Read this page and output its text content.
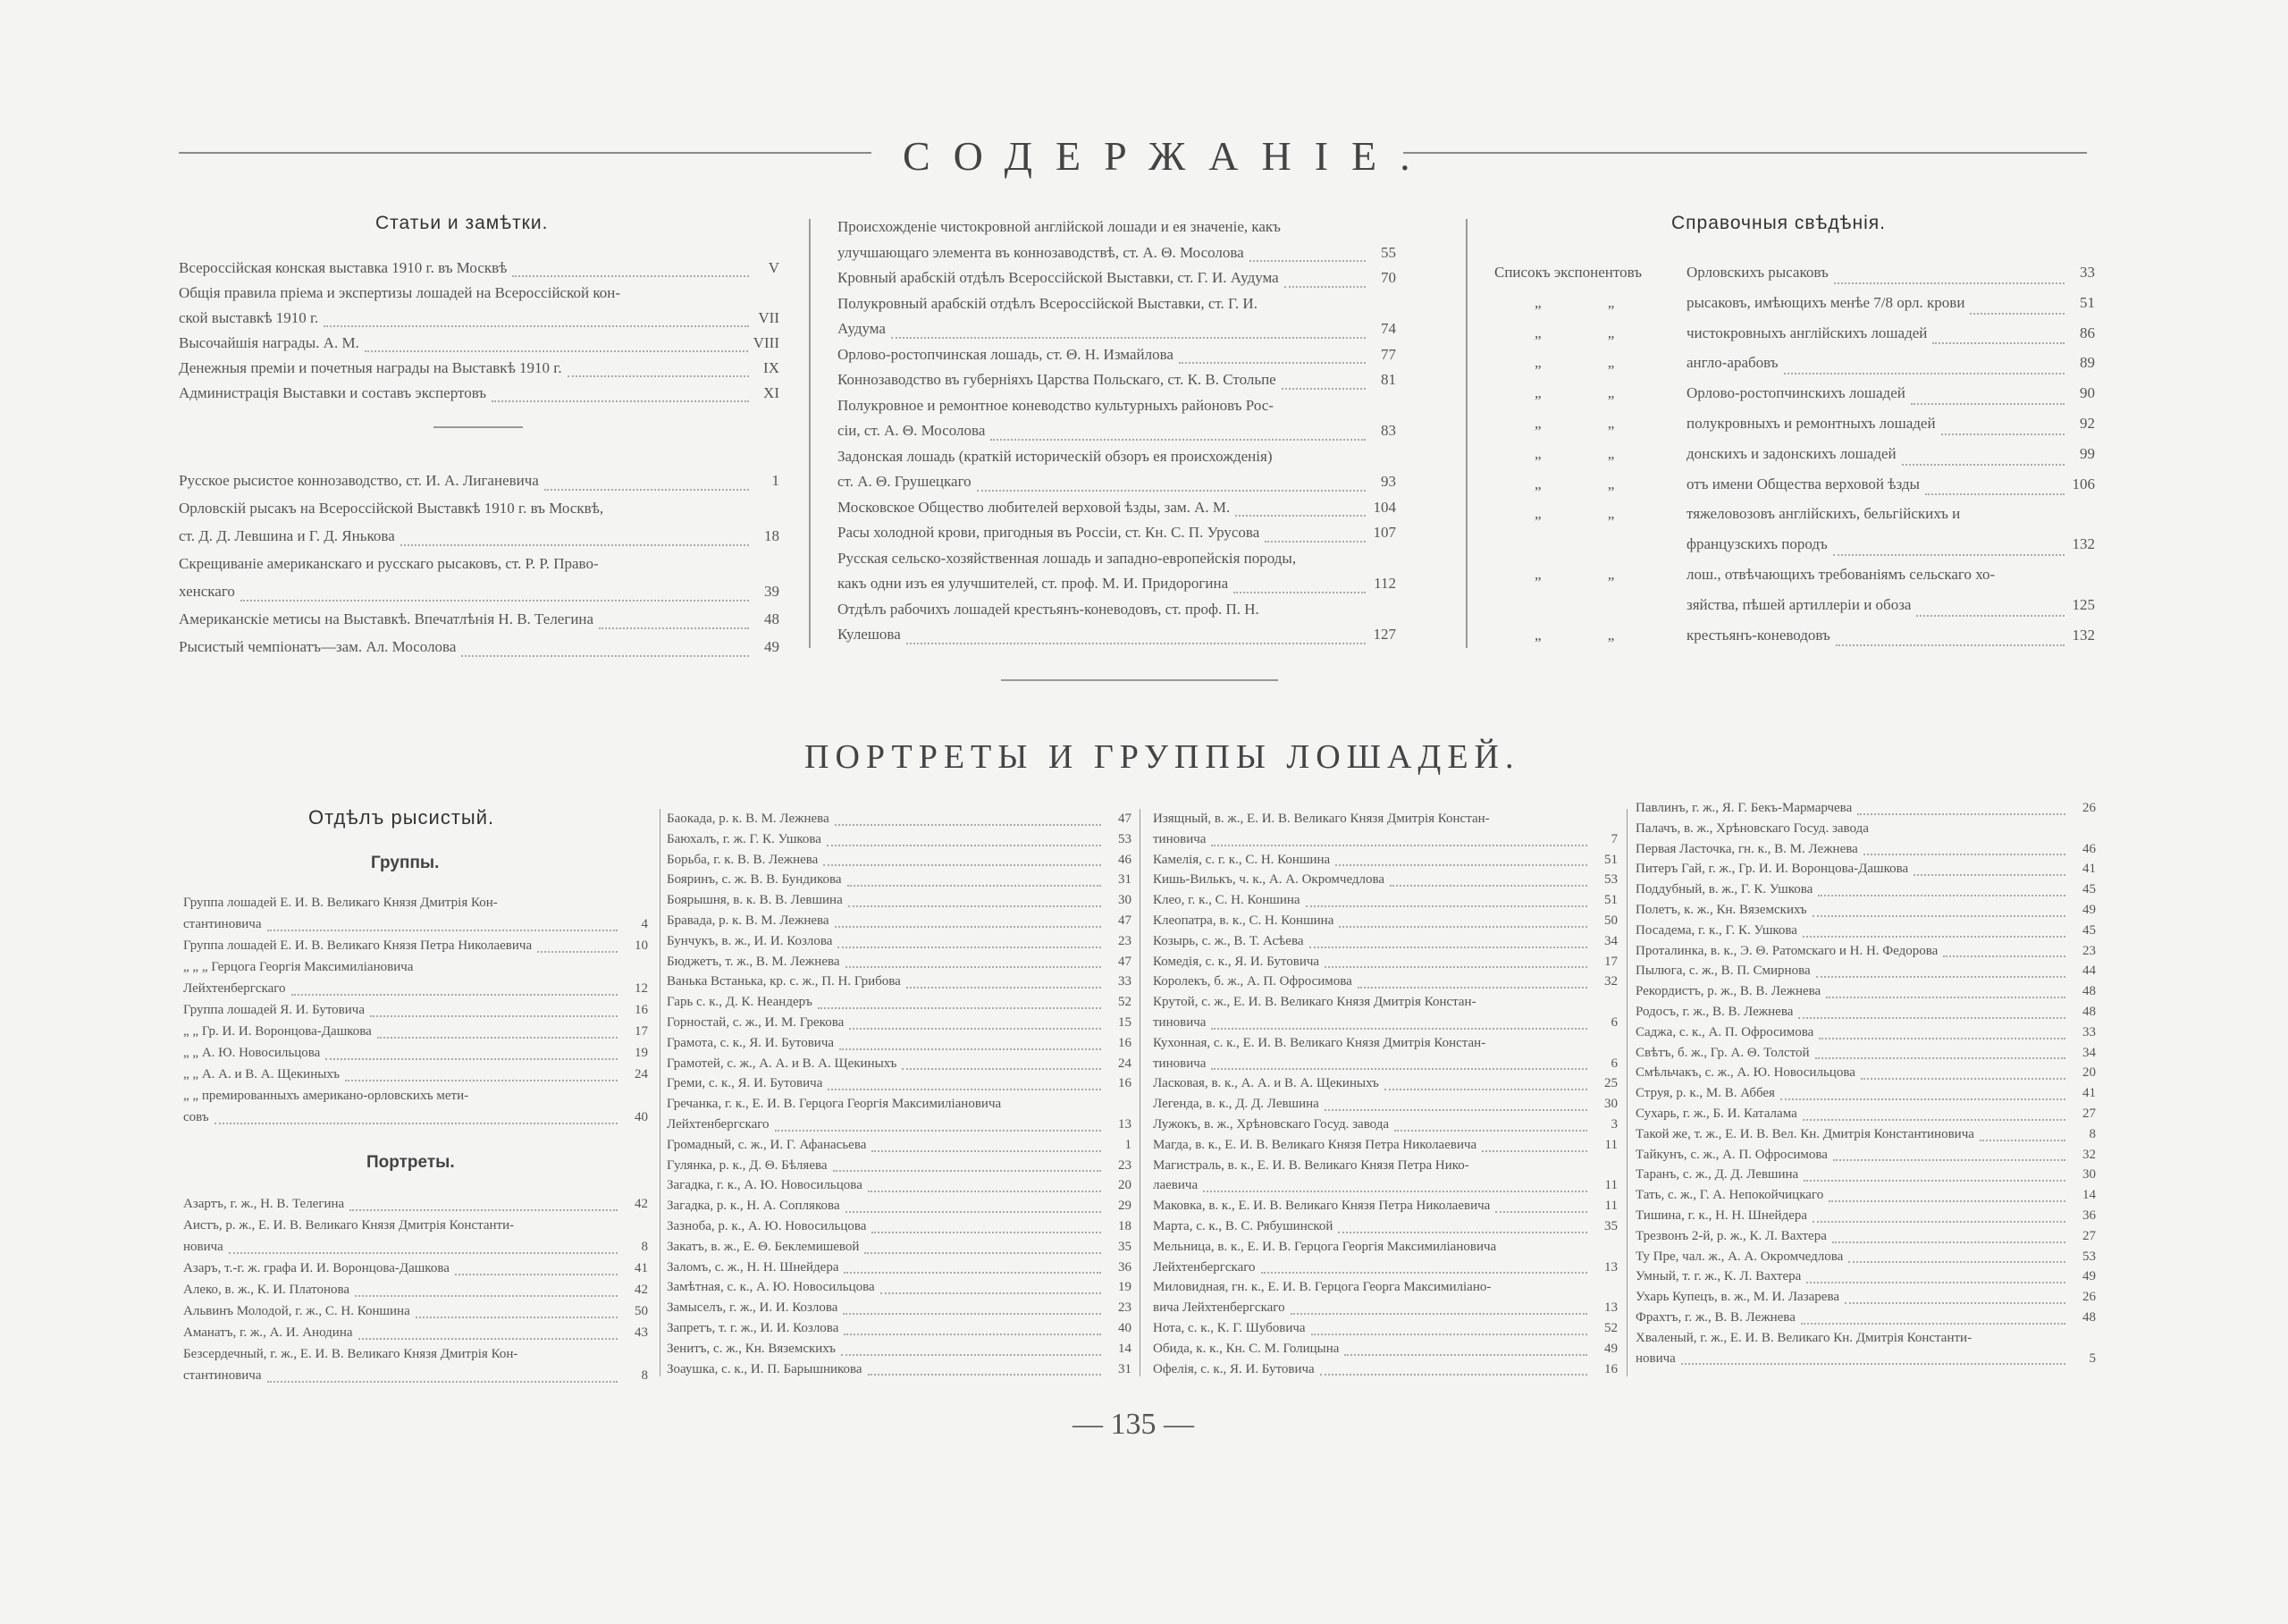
СОДЕРЖАНІЕ.
Статьи и замѣтки.
Всероссійская конская выставка 1910 г. въ Москвѣ	V
Общія правила пріема и экспертизы лошадей на Всероссійской кон-
ской выставкѣ 1910 г.	VII
Высочайшія награды. А. М.	VIII
Денежныя преміи и почетныя награды на Выставкѣ 1910 г.	IX
Администрація Выставки и составъ экспертовъ	XI
Русское рысистое коннозаводство, ст. И. А. Лиганевича	1
Орловскій рысакъ на Всероссійской Выставкѣ 1910 г. въ Москвѣ,
ст. Д. Д. Левшина и Г. Д. Янькова	18
Скрещиваніе американскаго и русскаго рысаковъ, ст. Р. Р. Право-
хенскаго	39
Американскіе метисы на Выставкѣ. Впечатлѣнія Н. В. Телегина	48
Рысистый чемпіонатъ—зам. Ал. Мосолова	49
Происхожденіе чистокровной англійской лошади и ея значеніе, какъ
улучшающаго элемента въ коннозаводствѣ, ст. А. Θ. Мосолова	55
Кровный арабскій отдѣлъ Всероссійской Выставки, ст. Г. И. Аудума	70
Полукровный арабскій отдѣлъ Всероссійской Выставки, ст. Г. И.
Аудума	74
Орлово-ростопчинская лошадь, ст. Θ. Н. Измайлова	77
Коннозаводство въ губерніяхъ Царства Польскаго, ст. К. В. Стольпе	81
Полукровное и ремонтное коневодство культурныхъ районовъ Рос-
сіи, ст. А. Θ. Мосолова	83
Задонская лошадь (краткій историческій обзоръ ея происхожденія)
ст. А. Θ. Грушецкаго	93
Московское Общество любителей верховой ѣзды, зам. А. М.	104
Расы холодной крови, пригодныя въ Россіи, ст. Кн. С. П. Урусова	107
Русская сельско-хозяйственная лошадь и западно-европейскія породы,
какъ одни изъ ея улучшителей, ст. проф. М. И. Придорогина	112
Отдѣлъ рабочихъ лошадей крестьянъ-коневодовъ, ст. проф. П. Н.
Кулешова	127
Справочныя свѣдѣнія.
Списокъ экспонентовъ	Орловскихъ рысаковъ	33
„ „	рысаковъ, имѣющихъ менѣе 7/8 орл. крови	51
„ „	чистокровныхъ англійскихъ лошадей	86
„ „	англо-арабовъ	89
„ „	Орлово-ростопчинскихъ лошадей	90
„ „	полукровныхъ и ремонтныхъ лошадей	92
„ „	донскихъ и задонскихъ лошадей	99
„ „	отъ имени Общества верховой ѣзды	106
„ „	тяжеловозовъ англійскихъ, бельгійскихъ и
французскихъ породъ	132
„ „	лош., отвѣчающихъ требованіямъ сельскаго хо-
зяйства, пѣшей артиллеріи и обоза	125
„ „	крестьянъ-коневодовъ	132
ПОРТРЕТЫ И ГРУППЫ ЛОШАДЕЙ.
Отдѣлъ рысистый.
Группы.
Группа лошадей Е. И. В. Великаго Князя Дмитрія Кон-
стантиновича	4
Группа лошадей Е. И. В. Великаго Князя Петра Николаевича	10
„ „ „ Герцога Георгія Максимиліановича
Лейхтенбергскаго	12
Группа лошадей Я. И. Бутовича	16
„ „ Гр. И. И. Воронцова-Дашкова	17
„ „ А. Ю. Новосильцова	19
„ „ А. А. и В. А. Щекиныхъ	24
„ „ премированныхъ американо-орловскихъ мети-
совъ	40
Портреты.
Азартъ, г. ж., Н. В. Телегина	42
Аистъ, р. ж., Е. И. В. Великаго Князя Дмитрія Константи-
новича	8
Азаръ, т.-г. ж. графа И. И. Воронцова-Дашкова	41
Алеко, в. ж., К. И. Платонова	42
Альвинъ Молодой, г. ж., С. Н. Коншина	50
Аманатъ, г. ж., А. И. Анодина	43
Безсердечный, г. ж., Е. И. В. Великаго Князя Дмитрія Кон-
стантиновича	8
Баокада, р. к. В. М. Лежнева	47
Баюхалъ, г. ж. Г. К. Ушкова	53
Борьба, г. к. В. В. Лежнева	46
Бояринъ, с. ж. В. В. Бундикова	31
Боярышня, в. к. В. В. Левшина	30
Бравада, р. к. В. М. Лежнева	47
Бунчукъ, в. ж., И. И. Козлова	23
Бюджетъ, т. ж., В. М. Лежнева	47
Ванька Встанька, кр. с. ж., П. Н. Грибова	33
Гарь с. к., Д. К. Неандеръ	52
Горностай, с. ж., И. М. Грекова	15
Грамота, с. к., Я. И. Бутовича	16
Грамотей, с. ж., А. А. и В. А. Щекиныхъ	24
Греми, с. к., Я. И. Бутовича	16
Гречанка, г. к., Е. И. В. Герцога Георгія Максимиліановича
Лейхтенбергскаго	13
Громадный, с. ж., И. Г. Афанасьева	1
Гулянка, р. к., Д. Θ. Бѣляева	23
Загадка, г. к., А. Ю. Новосильцова	20
Загадка, р. к., Н. А. Сопляковa	29
Зазноба, р. к., А. Ю. Новосильцова	18
Закатъ, в. ж., Е. Θ. Беклемишевой	35
Заломъ, с. ж., Н. Н. Шнейдера	36
Замѣтная, с. к., А. Ю. Новосильцова	19
Замыселъ, г. ж., И. И. Козлова	23
Запретъ, т. г. ж., И. И. Козлова	40
Зенитъ, с. ж., Кн. Вяземскихъ	14
Зоаушка, с. к., И. П. Барышникова	31
Изящный, в. ж., Е. И. В. Великаго Князя Дмитрія Констан-
тиновича	7
Камелія, с. г. к., С. Н. Коншина	51
Кишь-Вилькъ, ч. к., А. А. Окромчедлова	53
Клео, г. к., С. Н. Коншина	51
Клеопатра, в. к., С. Н. Коншина	50
Козырь, с. ж., В. Т. Асѣева	34
Комедія, с. к., Я. И. Бутовича	17
Королекъ, б. ж., А. П. Офросимова	32
Крутой, с. ж., Е. И. В. Великаго Князя Дмитрія Констан-
тиновича	6
Кухонная, с. к., Е. И. В. Великаго Князя Дмитрія Констан-
тиновича	6
Ласковая, в. к., А. А. и В. А. Щекиныхъ	25
Легенда, в. к., Д. Д. Левшина	30
Лужокъ, в. ж., Хрѣновскаго Госуд. завода	3
Магда, в. к., Е. И. В. Великаго Князя Петра Николаевича	11
Магистраль, в. к., Е. И. В. Великаго Князя Петра Нико-
лаевича	11
Маковка, в. к., Е. И. В. Великаго Князя Петра Николаевича	11
Марта, с. к., В. С. Рябушинской	35
Мельница, в. к., Е. И. В. Герцога Георгія Максимиліановича
Лейхтенбергскаго	13
Миловидная, гн. к., Е. И. В. Герцога Георга Максимиліано-
вича Лейхтенбергскаго	13
Нота, с. к., К. Г. Шубовича	52
Обида, к. к., Кн. С. М. Голицына	49
Офелія, с. к., Я. И. Бутовича	16
Павлинъ, г. ж., Я. Г. Бекъ-Мармарчева	26
Палачъ, в. ж., Хрѣновскаго Госуд. завода
Первая Ласточка, гн. к., В. М. Лежнева	46
Питеръ Гай, г. ж., Гр. И. И. Воронцова-Дашкова	41
Поддубный, в. ж., Г. К. Ушкова	45
Полетъ, к. ж., Кн. Вяземскихъ	49
Посадема, г. к., Г. К. Ушкова	45
Проталинка, в. к., Э. Θ. Ратомскаго и Н. Н. Федорова	23
Пылюга, с. ж., В. П. Смирнова	44
Рекордистъ, р. ж., В. В. Лежнева	48
Родосъ, г. ж., В. В. Лежнева	48
Саджа, с. к., А. П. Офросимова	33
Свѣтъ, б. ж., Гр. А. Θ. Толстой	34
Смѣльчакъ, с. ж., А. Ю. Новосильцова	20
Струя, р. к., М. В. Аббея	41
Сухарь, г. ж., Б. И. Каталама	27
Такой же, т. ж., Е. И. В. Вел. Кн. Дмитрія Константиновича	8
Тайкунъ, с. ж., А. П. Офросимова	32
Таранъ, с. ж., Д. Д. Левшина	30
Тать, с. ж., Г. А. Непокойчицкаго	14
Тишина, г. к., Н. Н. Шнейдера	36
Трезвонъ 2-й, р. ж., К. Л. Вахтера	27
Ту Пре, чал. ж., А. А. Окромчедлова	53
Умный, т. г. ж., К. Л. Вахтера	49
Ухарь Купецъ, в. ж., М. И. Лазарева	26
Фрахтъ, г. ж., В. В. Лежнева	48
Хваленый, г. ж., Е. И. В. Великаго Кн. Дмитрія Константи-
новича	5
— 135 —
